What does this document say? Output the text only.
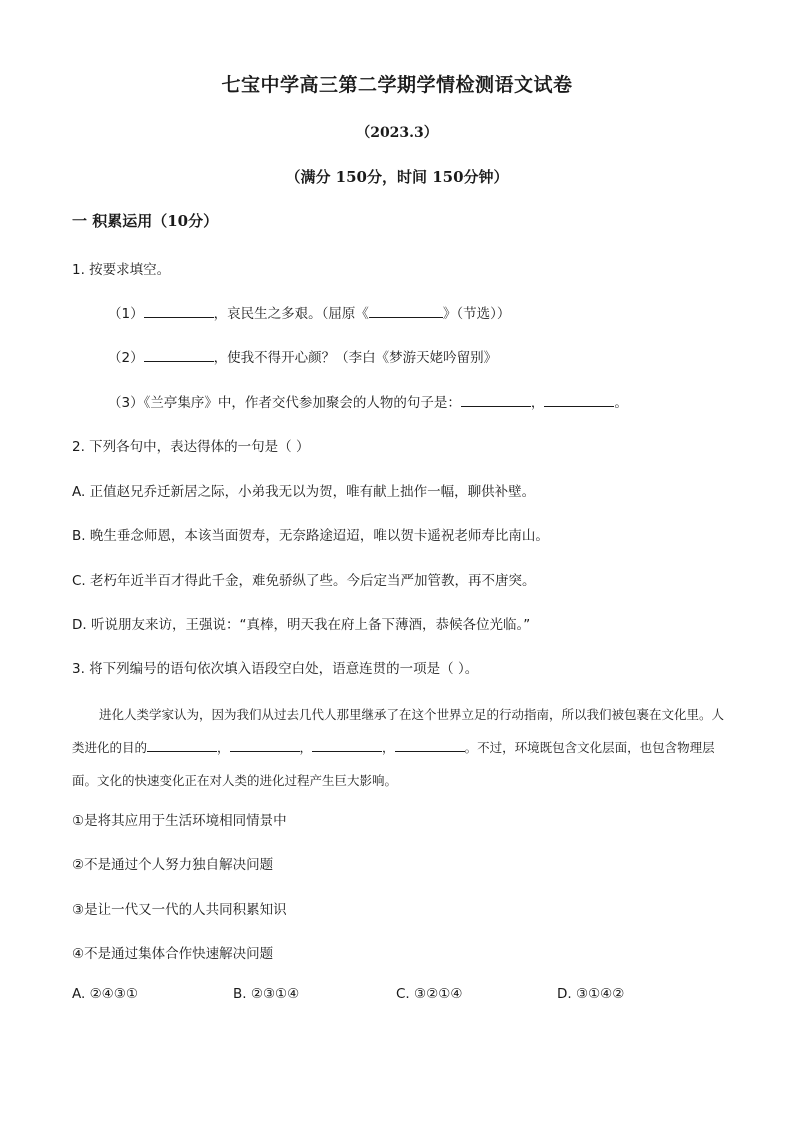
七宝中学高三第二学期学情检测语文试卷
（2023.3）
（满分 150分，时间 150分钟）
一 积累运用（10分）
1. 按要求填空。
（1）	，哀民生之多艰。（屈原《	》（节选））
（2）	，使我不得开心颜？（李白《梦游天姥吟留别》
（3）《兰亭集序》中，作者交代参加聚会的人物的句子是：	，	。
2. 下列各句中，表达得体的一句是（ ）
A. 正值赵兄乔迁新居之际，小弟我无以为贺，唯有献上拙作一幅，聊供补壁。
B. 晚生垂念师恩，本该当面贺寿，无奈路途迢迢，唯以贺卡遥祝老师寿比南山。
C. 老朽年近半百才得此千金，难免骄纵了些。今后定当严加管教，再不唐突。
D. 听说朋友来访，王强说：“真棒，明天我在府上备下薄酒，恭候各位光临。”
3. 将下列编号的语句依次填入语段空白处，语意连贯的一项是（ ）。
进化人类学家认为，因为我们从过去几代人那里继承了在这个世界立足的行动指南，所以我们被包裹在文化里。人类进化的目的	，	，	，	。不过，环境既包含文化层面，也包含物理层面。文化的快速变化正在对人类的进化过程产生巨大影响。
①是将其应用于生活环境相同情景中
②不是通过个人努力独自解决问题
③是让一代又一代的人共同积累知识
④不是通过集体合作快速解决问题
A. ②④③①	B. ②③①④	C. ③②①④	D. ③①④②
